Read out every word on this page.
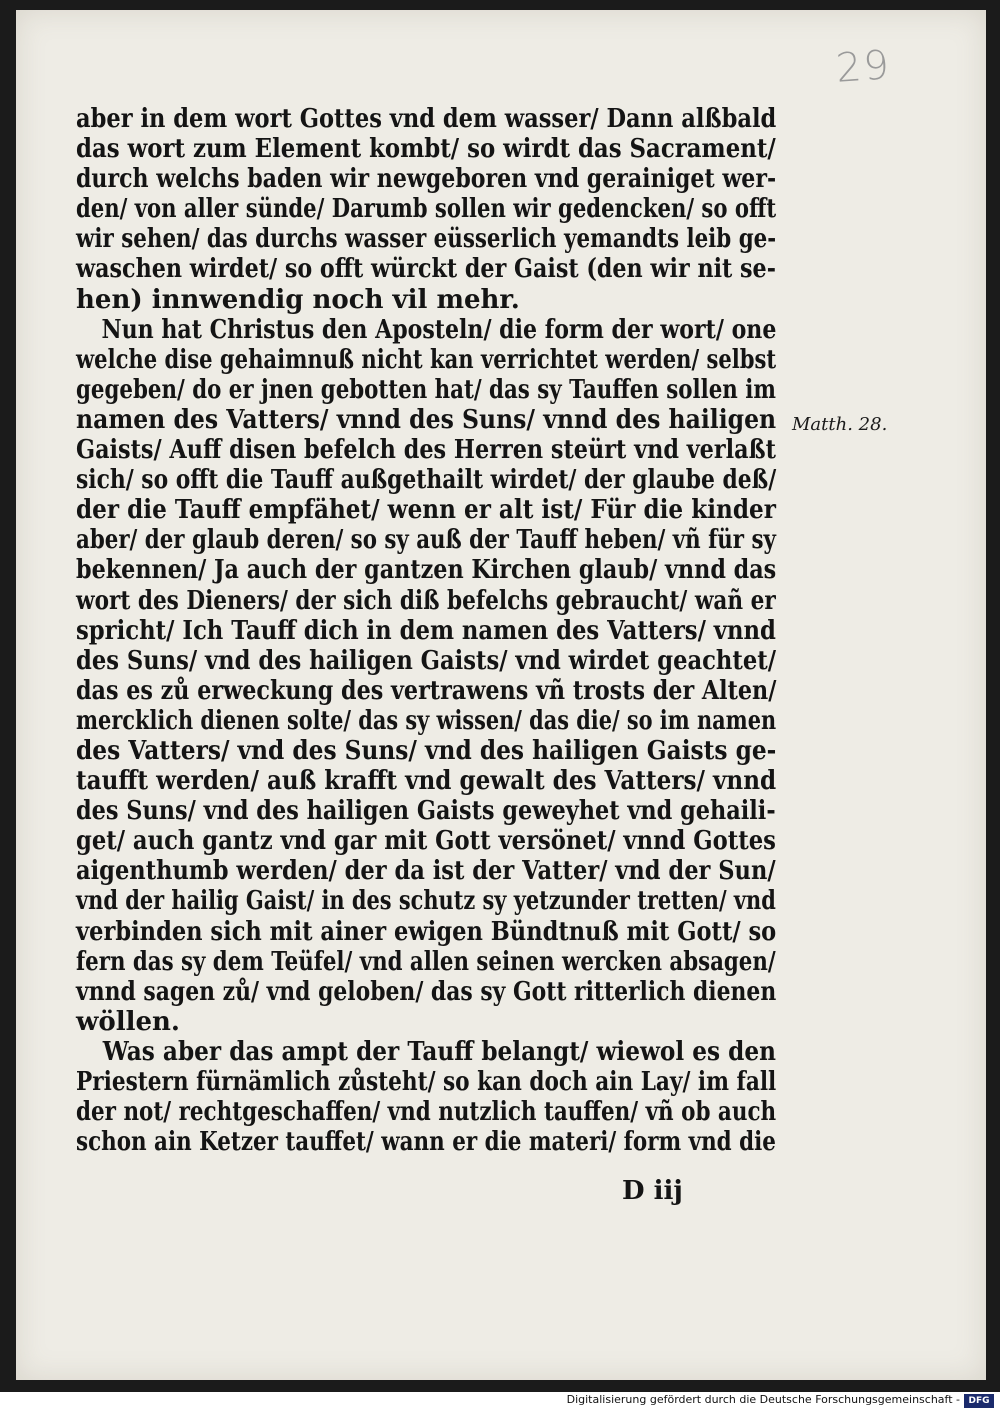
29
aber in dem wort Gottes vnd dem wasser/ Dann alßbald
das wort zum Element kombt/ so wirdt das Sacrament/
durch welchs baden wir newgeboren vnd gerainiget wer-
den/ von aller sünde/ Darumb sollen wir gedencken/ so offt
wir sehen/ das durchs wasser eüsserlich yemandts leib ge-
waschen wirdet/ so offt würckt der Gaist (den wir nit se-
hen) innwendig noch vil mehr.
Nun hat Christus den Aposteln/ die form der wort/ one
welche dise gehaimnuß nicht kan verrichtet werden/ selbst
gegeben/ do er jnen gebotten hat/ das sy Tauffen sollen im
namen des Vatters/ vnnd des Suns/ vnnd des hailigen
Gaists/ Auff disen befelch des Herren steürt vnd verlaßt
sich/ so offt die Tauff außgethailt wirdet/ der glaube deß/
der die Tauff empfähet/ wenn er alt ist/ Für die kinder
aber/ der glaub deren/ so sy auß der Tauff heben/ vñ für sy
bekennen/ Ja auch der gantzen Kirchen glaub/ vnnd das
wort des Dieners/ der sich diß befelchs gebraucht/ wañ er
spricht/ Ich Tauff dich in dem namen des Vatters/ vnnd
des Suns/ vnd des hailigen Gaists/ vnd wirdet geachtet/
das es zů erweckung des vertrawens vñ trosts der Alten/
mercklich dienen solte/ das sy wissen/ das die/ so im namen
des Vatters/ vnd des Suns/ vnd des hailigen Gaists ge-
taufft werden/ auß krafft vnd gewalt des Vatters/ vnnd
des Suns/ vnd des hailigen Gaists geweyhet vnd gehaili-
get/ auch gantz vnd gar mit Gott versönet/ vnnd Gottes
aigenthumb werden/ der da ist der Vatter/ vnd der Sun/
vnd der hailig Gaist/ in des schutz sy yetzunder tretten/ vnd
verbinden sich mit ainer ewigen Bündtnuß mit Gott/ so
fern das sy dem Teüfel/ vnd allen seinen wercken absagen/
vnnd sagen zů/ vnd geloben/ das sy Gott ritterlich dienen
wöllen.
Was aber das ampt der Tauff belangt/ wiewol es den
Priestern fürnämlich zůsteht/ so kan doch ain Lay/ im fall
der not/ rechtgeschaffen/ vnd nutzlich tauffen/ vñ ob auch
schon ain Ketzer tauffet/ wann er die materi/ form vnd die
Matth. 28.
D iij
Digitalisierung gefördert durch die Deutsche Forschungsgemeinschaft - DFG
